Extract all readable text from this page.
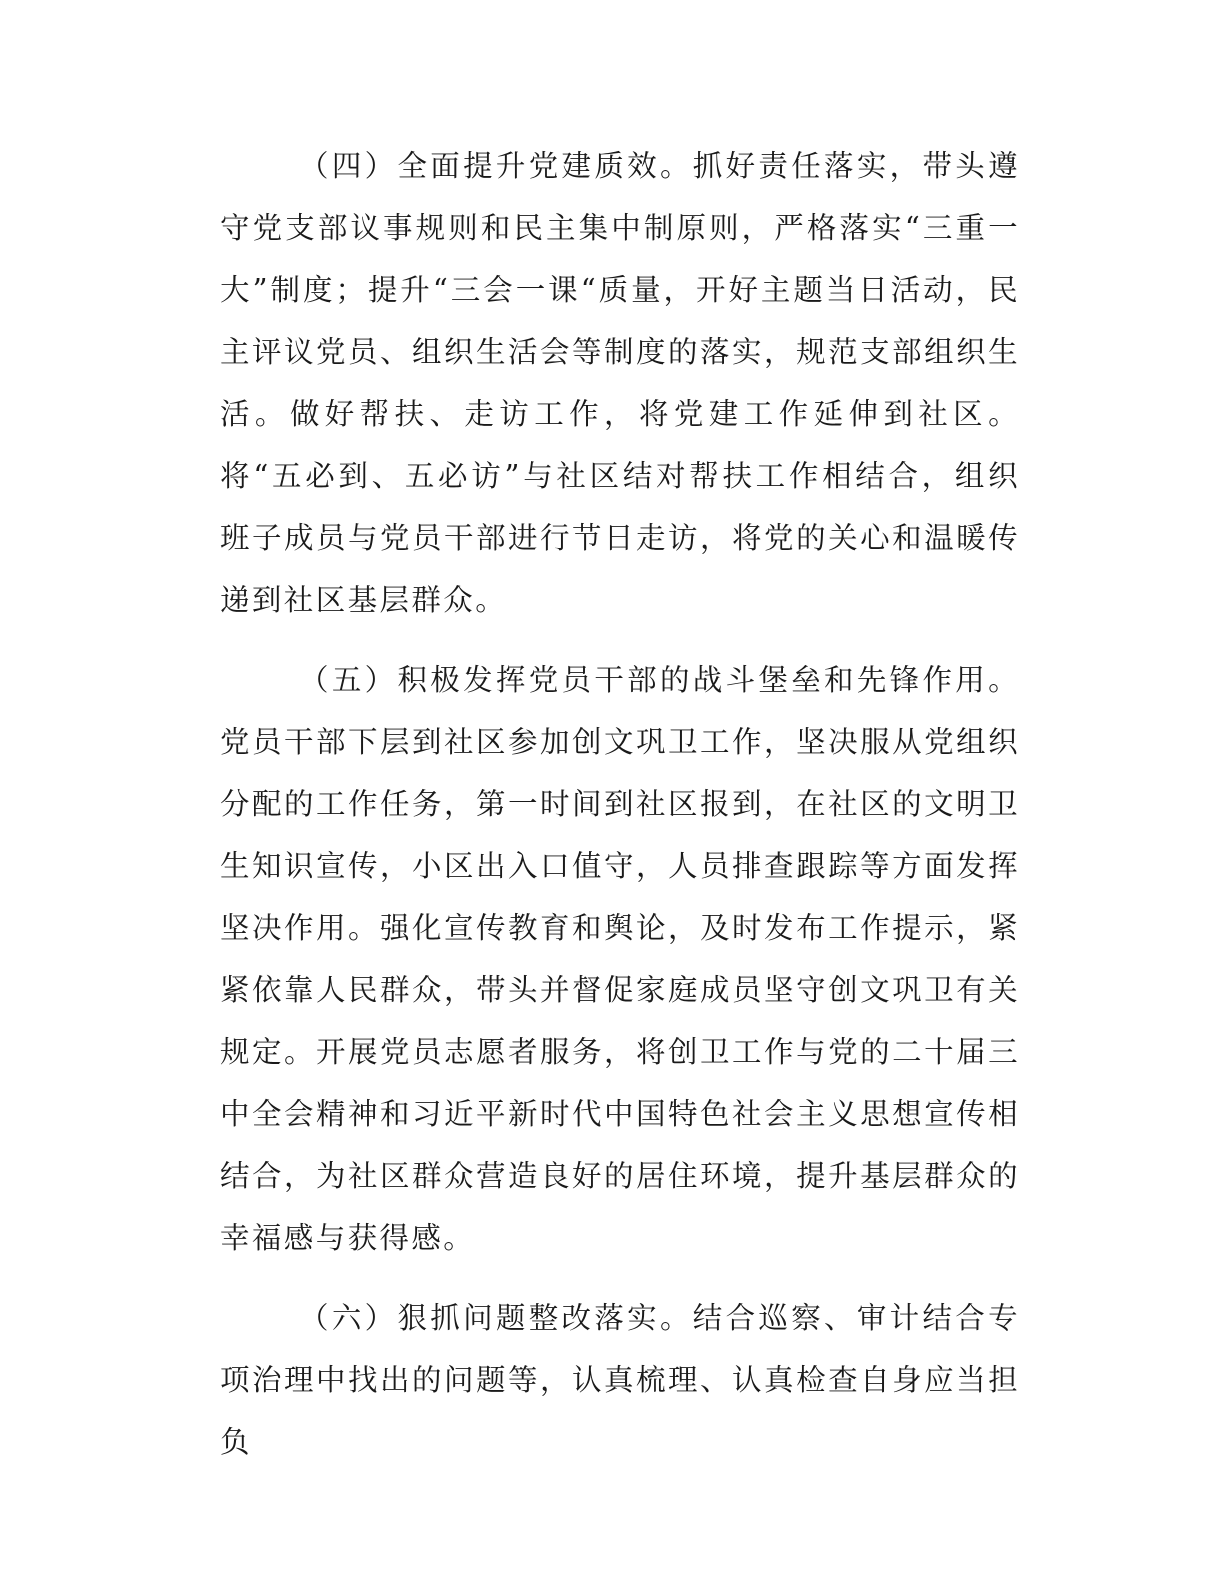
（四）全面提升党建质效。抓好责任落实，带头遵守党支部议事规则和民主集中制原则，严格落实“三重一大”制度；提升“三会一课“质量，开好主题当日活动，民主评议党员、组织生活会等制度的落实，规范支部组织生活。做好帮扶、走访工作，将党建工作延伸到社区。将“五必到、五必访”与社区结对帮扶工作相结合，组织班子成员与党员干部进行节日走访，将党的关心和温暖传递到社区基层群众。

（五）积极发挥党员干部的战斗堡垒和先锋作用。党员干部下层到社区参加创文巩卫工作，坚决服从党组织分配的工作任务，第一时间到社区报到，在社区的文明卫生知识宣传，小区出入口值守，人员排查跟踪等方面发挥坚决作用。强化宣传教育和舆论，及时发布工作提示，紧紧依靠人民群众，带头并督促家庭成员坚守创文巩卫有关规定。开展党员志愿者服务，将创卫工作与党的二十届三中全会精神和习近平新时代中国特色社会主义思想宣传相结合，为社区群众营造良好的居住环境，提升基层群众的幸福感与获得感。

（六）狠抓问题整改落实。结合巡察、审计结合专项治理中找出的问题等，认真梳理、认真检查自身应当担负
